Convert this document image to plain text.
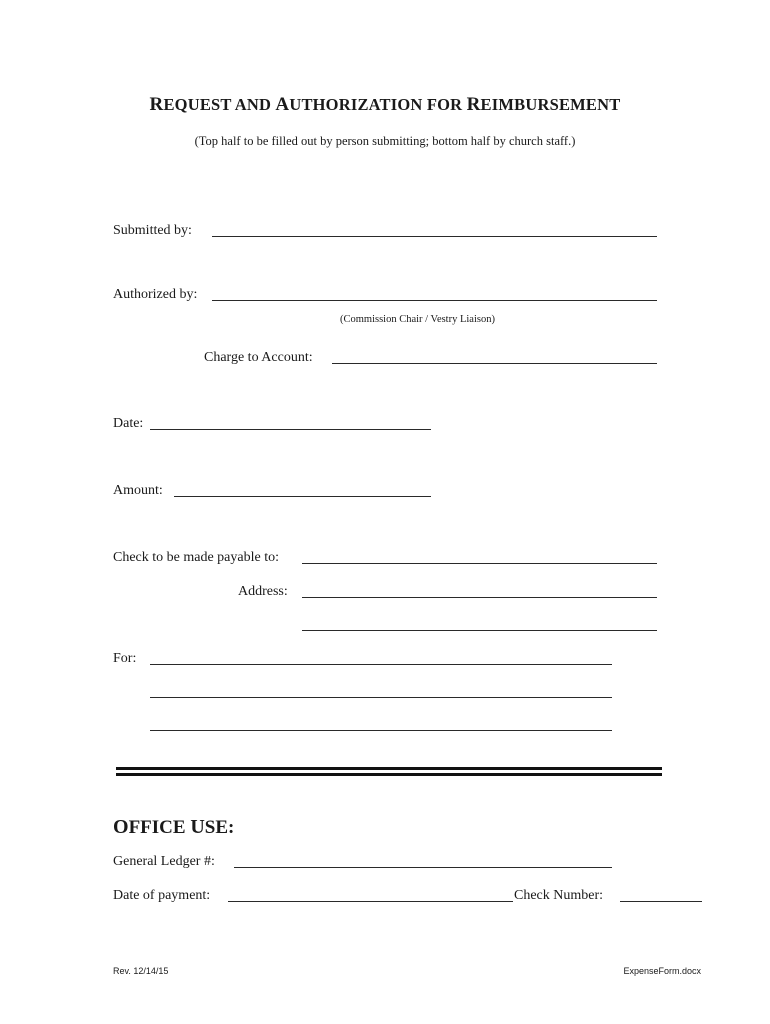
REQUEST AND AUTHORIZATION FOR REIMBURSEMENT
(Top half to be filled out by person submitting; bottom half by church staff.)
Submitted by:
Authorized by:
(Commission Chair / Vestry Liaison)
Charge to Account:
Date:
Amount:
Check to be made payable to:
Address:
For:
OFFICE USE:
General Ledger #:
Date of payment:	Check Number:
Rev. 12/14/15	ExpenseForm.docx
